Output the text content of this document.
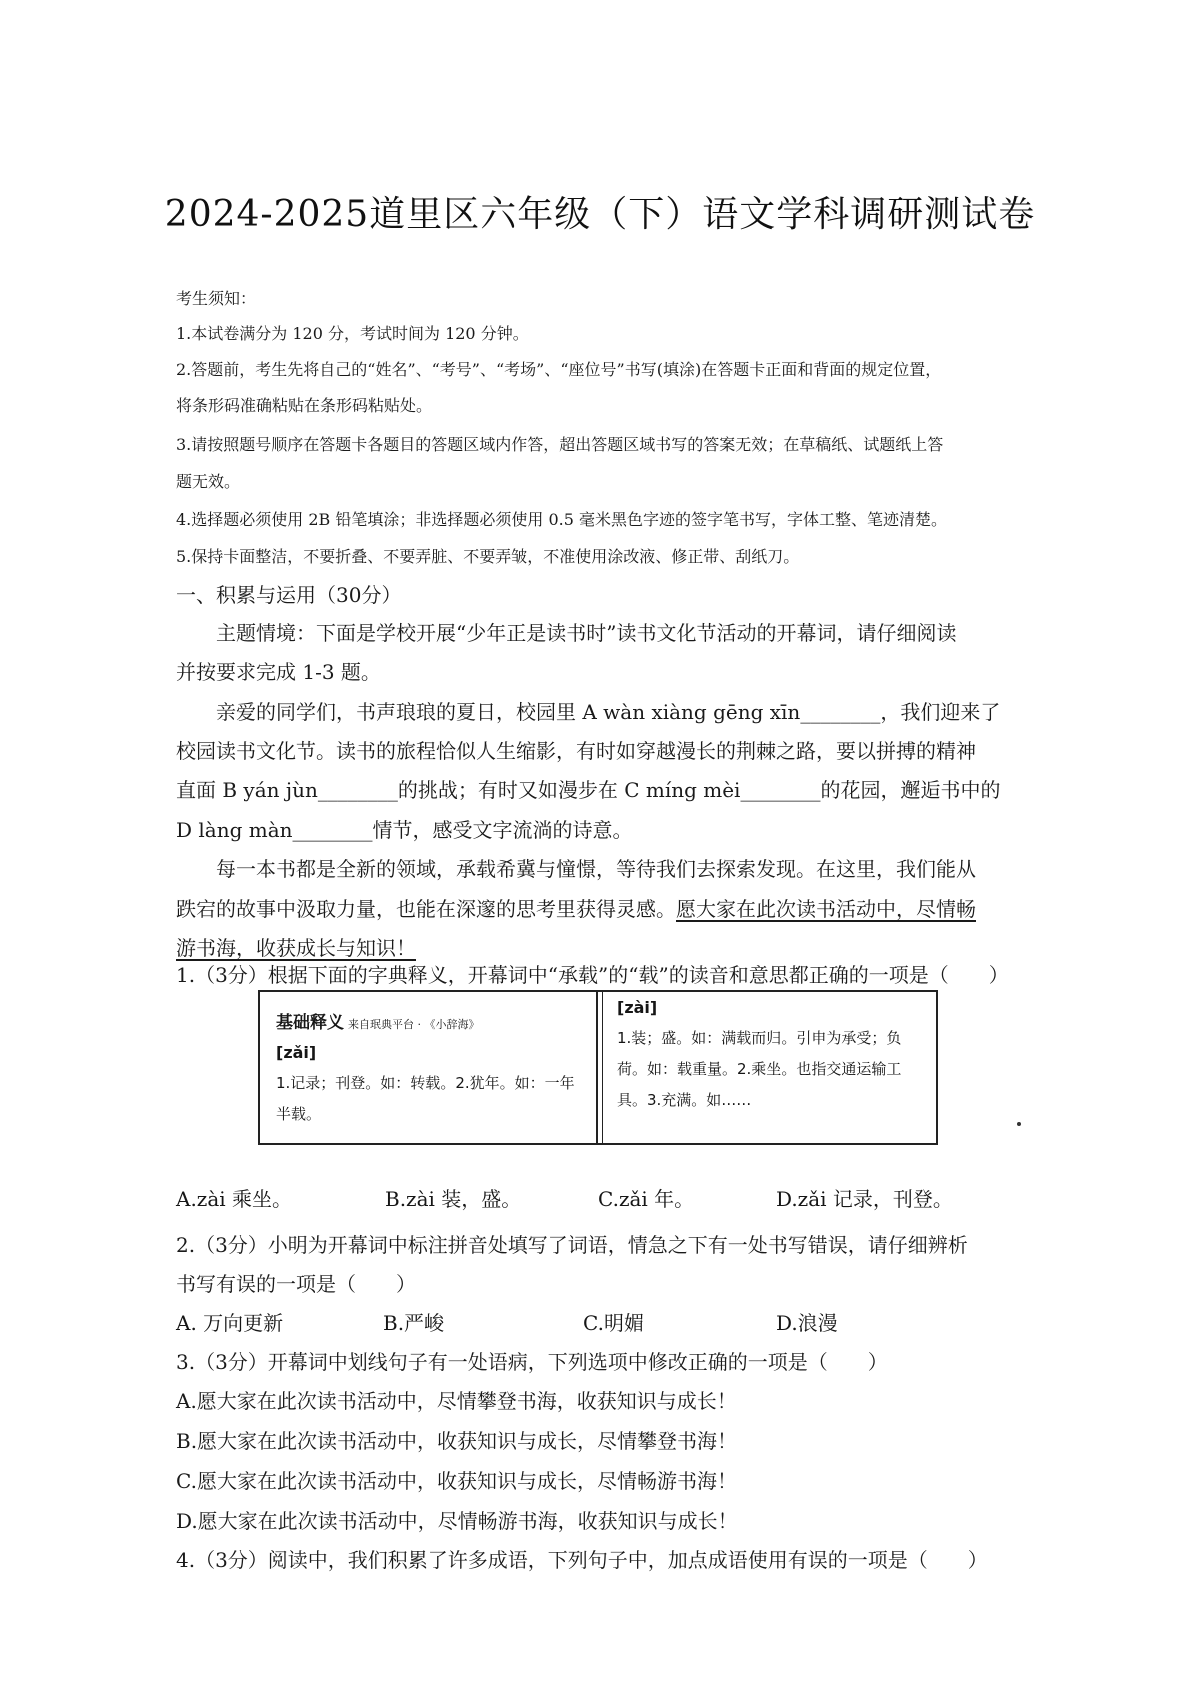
2024-2025道里区六年级（下）语文学科调研测试卷
考生须知：
1.本试卷满分为 120 分，考试时间为 120 分钟。
2.答题前，考生先将自己的“姓名”、“考号”、“考场”、“座位号”书写(填涂)在答题卡正面和背面的规定位置，
将条形码准确粘贴在条形码粘贴处。
3.请按照题号顺序在答题卡各题目的答题区域内作答，超出答题区域书写的答案无效；在草稿纸、试题纸上答
题无效。
4.选择题必须使用 2B 铅笔填涂；非选择题必须使用 0.5 毫米黑色字迹的签字笔书写，字体工整、笔迹清楚。
5.保持卡面整洁，不要折叠、不要弄脏、不要弄皱，不准使用涂改液、修正带、刮纸刀。
一、积累与运用（30分）
主题情境：下面是学校开展“少年正是读书时”读书文化节活动的开幕词，请仔细阅读
并按要求完成 1-3 题。
亲爱的同学们，书声琅琅的夏日，校园里 A wàn xiàng gēng xīn________，我们迎来了
校园读书文化节。读书的旅程恰似人生缩影，有时如穿越漫长的荆棘之路，要以拼搏的精神
直面 B yán jùn________的挑战；有时又如漫步在 C míng mèi________的花园，邂逅书中的
D làng màn________情节，感受文字流淌的诗意。
每一本书都是全新的领域，承载希冀与憧憬，等待我们去探索发现。在这里，我们能从
跌宕的故事中汲取力量，也能在深邃的思考里获得灵感。愿大家在此次读书活动中，尽情畅
游书海，收获成长与知识！
1.（3分）根据下面的字典释义，开幕词中“承载”的“载”的读音和意思都正确的一项是（　　）
基础释义 来自珉典平台 · 《小辞海》
[zǎi]
1.记录；刊登。如：转载。2.犹年。如：一年半载。
[zài]
1.装；盛。如：满载而归。引申为承受；负荷。如：载重量。2.乘坐。也指交通运输工具。3.充满。如……
A.zài 乘坐。	B.zài 装，盛。	C.zǎi 年。	D.zǎi 记录，刊登。
2.（3分）小明为开幕词中标注拼音处填写了词语，情急之下有一处书写错误，请仔细辨析
书写有误的一项是（　　）
A. 万向更新	B.严峻	C.明媚	D.浪漫
3.（3分）开幕词中划线句子有一处语病，下列选项中修改正确的一项是（　　）
A.愿大家在此次读书活动中，尽情攀登书海，收获知识与成长！
B.愿大家在此次读书活动中，收获知识与成长，尽情攀登书海！
C.愿大家在此次读书活动中，收获知识与成长，尽情畅游书海！
D.愿大家在此次读书活动中，尽情畅游书海，收获知识与成长！
4.（3分）阅读中，我们积累了许多成语，下列句子中，加点成语使用有误的一项是（　　）
